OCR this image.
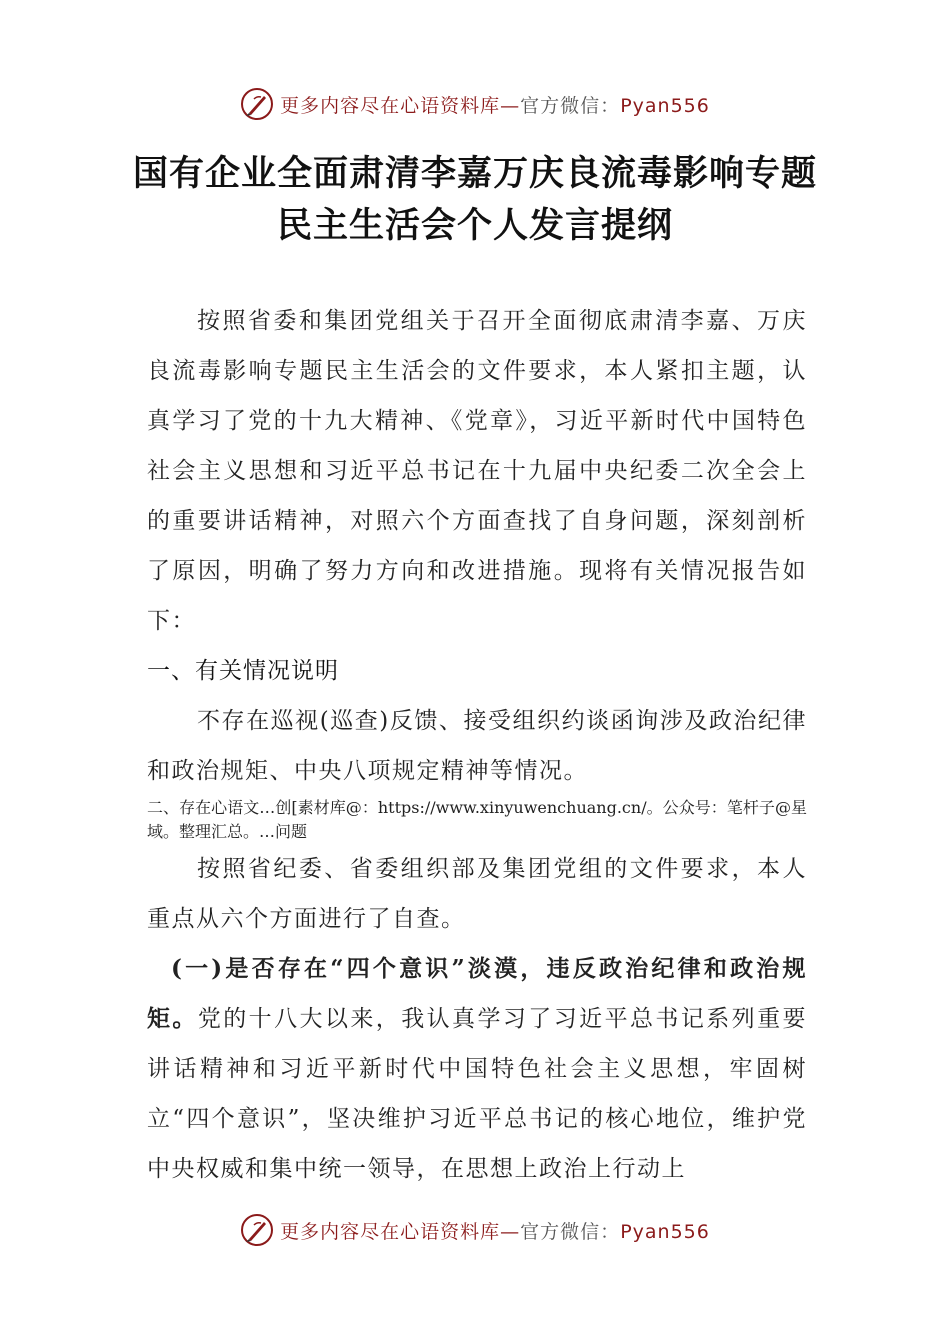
更多内容尽在心语资料库—官方微信：Pyan556
国有企业全面肃清李嘉万庆良流毒影响专题民主生活会个人发言提纲

按照省委和集团党组关于召开全面彻底肃清李嘉、万庆良流毒影响专题民主生活会的文件要求，本人紧扣主题，认真学习了党的十九大精神、《党章》，习近平新时代中国特色社会主义思想和习近平总书记在十九届中央纪委二次全会上的重要讲话精神，对照六个方面查找了自身问题，深刻剖析了原因，明确了努力方向和改进措施。现将有关情况报告如下：

一、有关情况说明

不存在巡视(巡查)反馈、接受组织约谈函询涉及政治纪律和政治规矩、中央八项规定精神等情况。

二、存在心语文…创[素材库@：https://www.xinyuwenchuang.cn/。公众号：笔杆子@星域。整理汇总。…问题

按照省纪委、省委组织部及集团党组的文件要求，本人重点从六个方面进行了自查。

(一)是否存在“四个意识”淡漠，违反政治纪律和政治规矩。党的十八大以来，我认真学习了习近平总书记系列重要讲话精神和习近平新时代中国特色社会主义思想，牢固树立“四个意识”，坚决维护习近平总书记的核心地位，维护党中央权威和集中统一领导，在思想上政治上行动上

更多内容尽在心语资料库—官方微信：Pyan556
